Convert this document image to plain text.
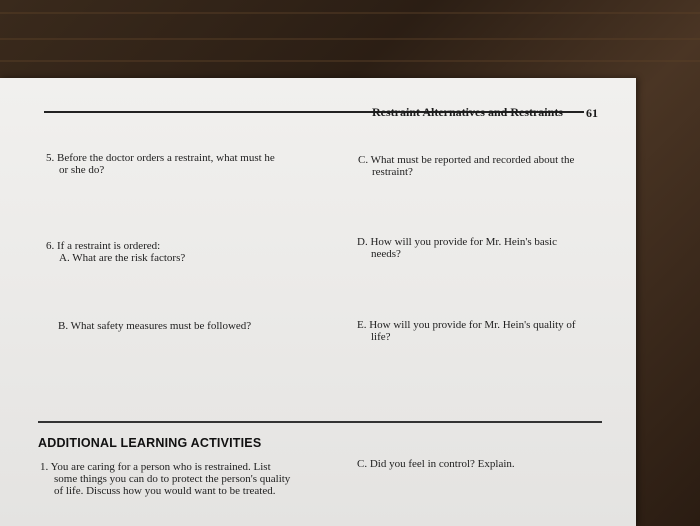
Restraint Alternatives and Restraints 61
5. Before the doctor orders a restraint, what must he
or she do?
C. What must be reported and recorded about the
restraint?
6. If a restraint is ordered:
A. What are the risk factors?
D. How will you provide for Mr. Hein's basic
needs?
B. What safety measures must be followed?	E. How will you provide for Mr. Hein's quality of
life?
ADDITIONAL LEARNING ACTIVITIES
1. You are caring for a person who is restrained. List
some things you can do to protect the person's quality
of life. Discuss how you would want to be treated.
C. Did you feel in control? Explain.
